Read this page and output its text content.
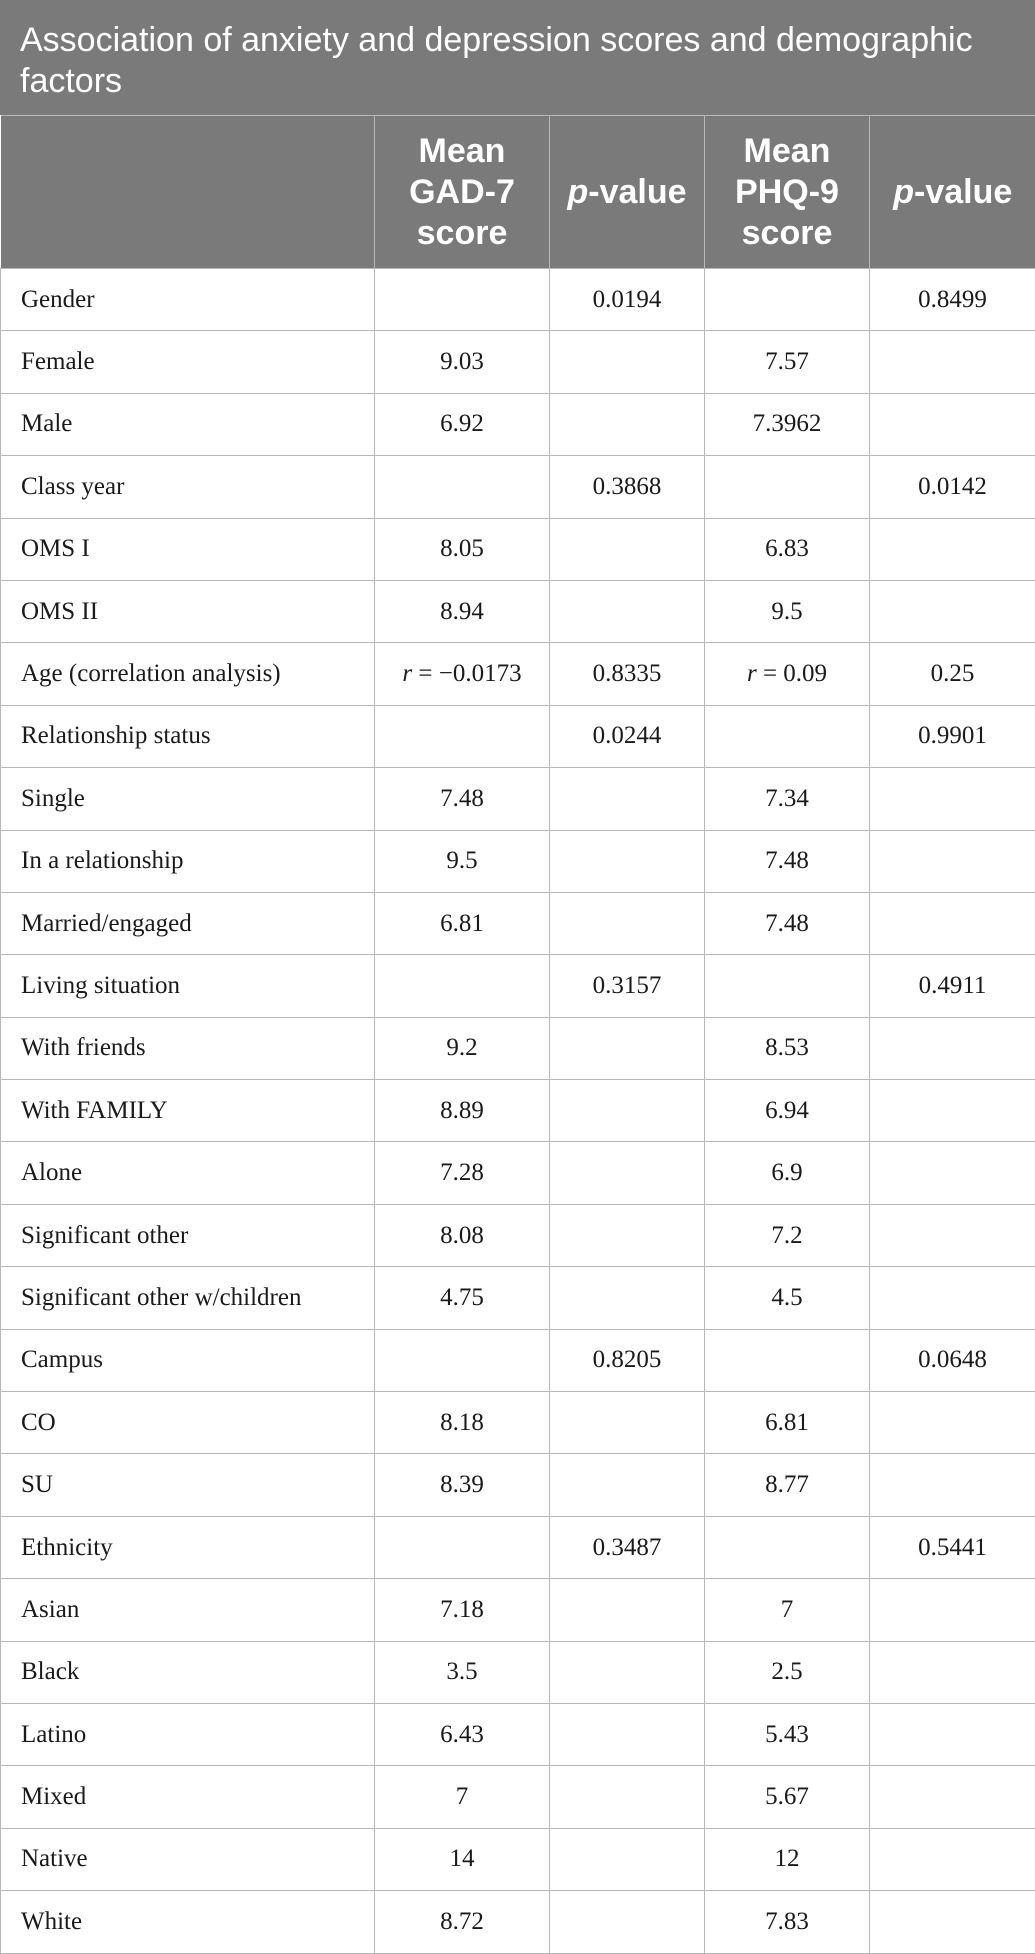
Association of anxiety and depression scores and demographic factors
	Mean GAD-7 score	p-value	Mean PHQ-9 score	p-value
Gender		0.0194		0.8499
Female	9.03		7.57	
Male	6.92		7.3962	
Class year		0.3868		0.0142
OMS I	8.05		6.83	
OMS II	8.94		9.5	
Age (correlation analysis)	r = −0.0173	0.8335	r = 0.09	0.25
Relationship status		0.0244		0.9901
Single	7.48		7.34	
In a relationship	9.5		7.48	
Married/engaged	6.81		7.48	
Living situation		0.3157		0.4911
With friends	9.2		8.53	
With FAMILY	8.89		6.94	
Alone	7.28		6.9	
Significant other	8.08		7.2	
Significant other w/children	4.75		4.5	
Campus		0.8205		0.0648
CO	8.18		6.81	
SU	8.39		8.77	
Ethnicity		0.3487		0.5441
Asian	7.18		7	
Black	3.5		2.5	
Latino	6.43		5.43	
Mixed	7		5.67	
Native	14		12	
White	8.72		7.83	
